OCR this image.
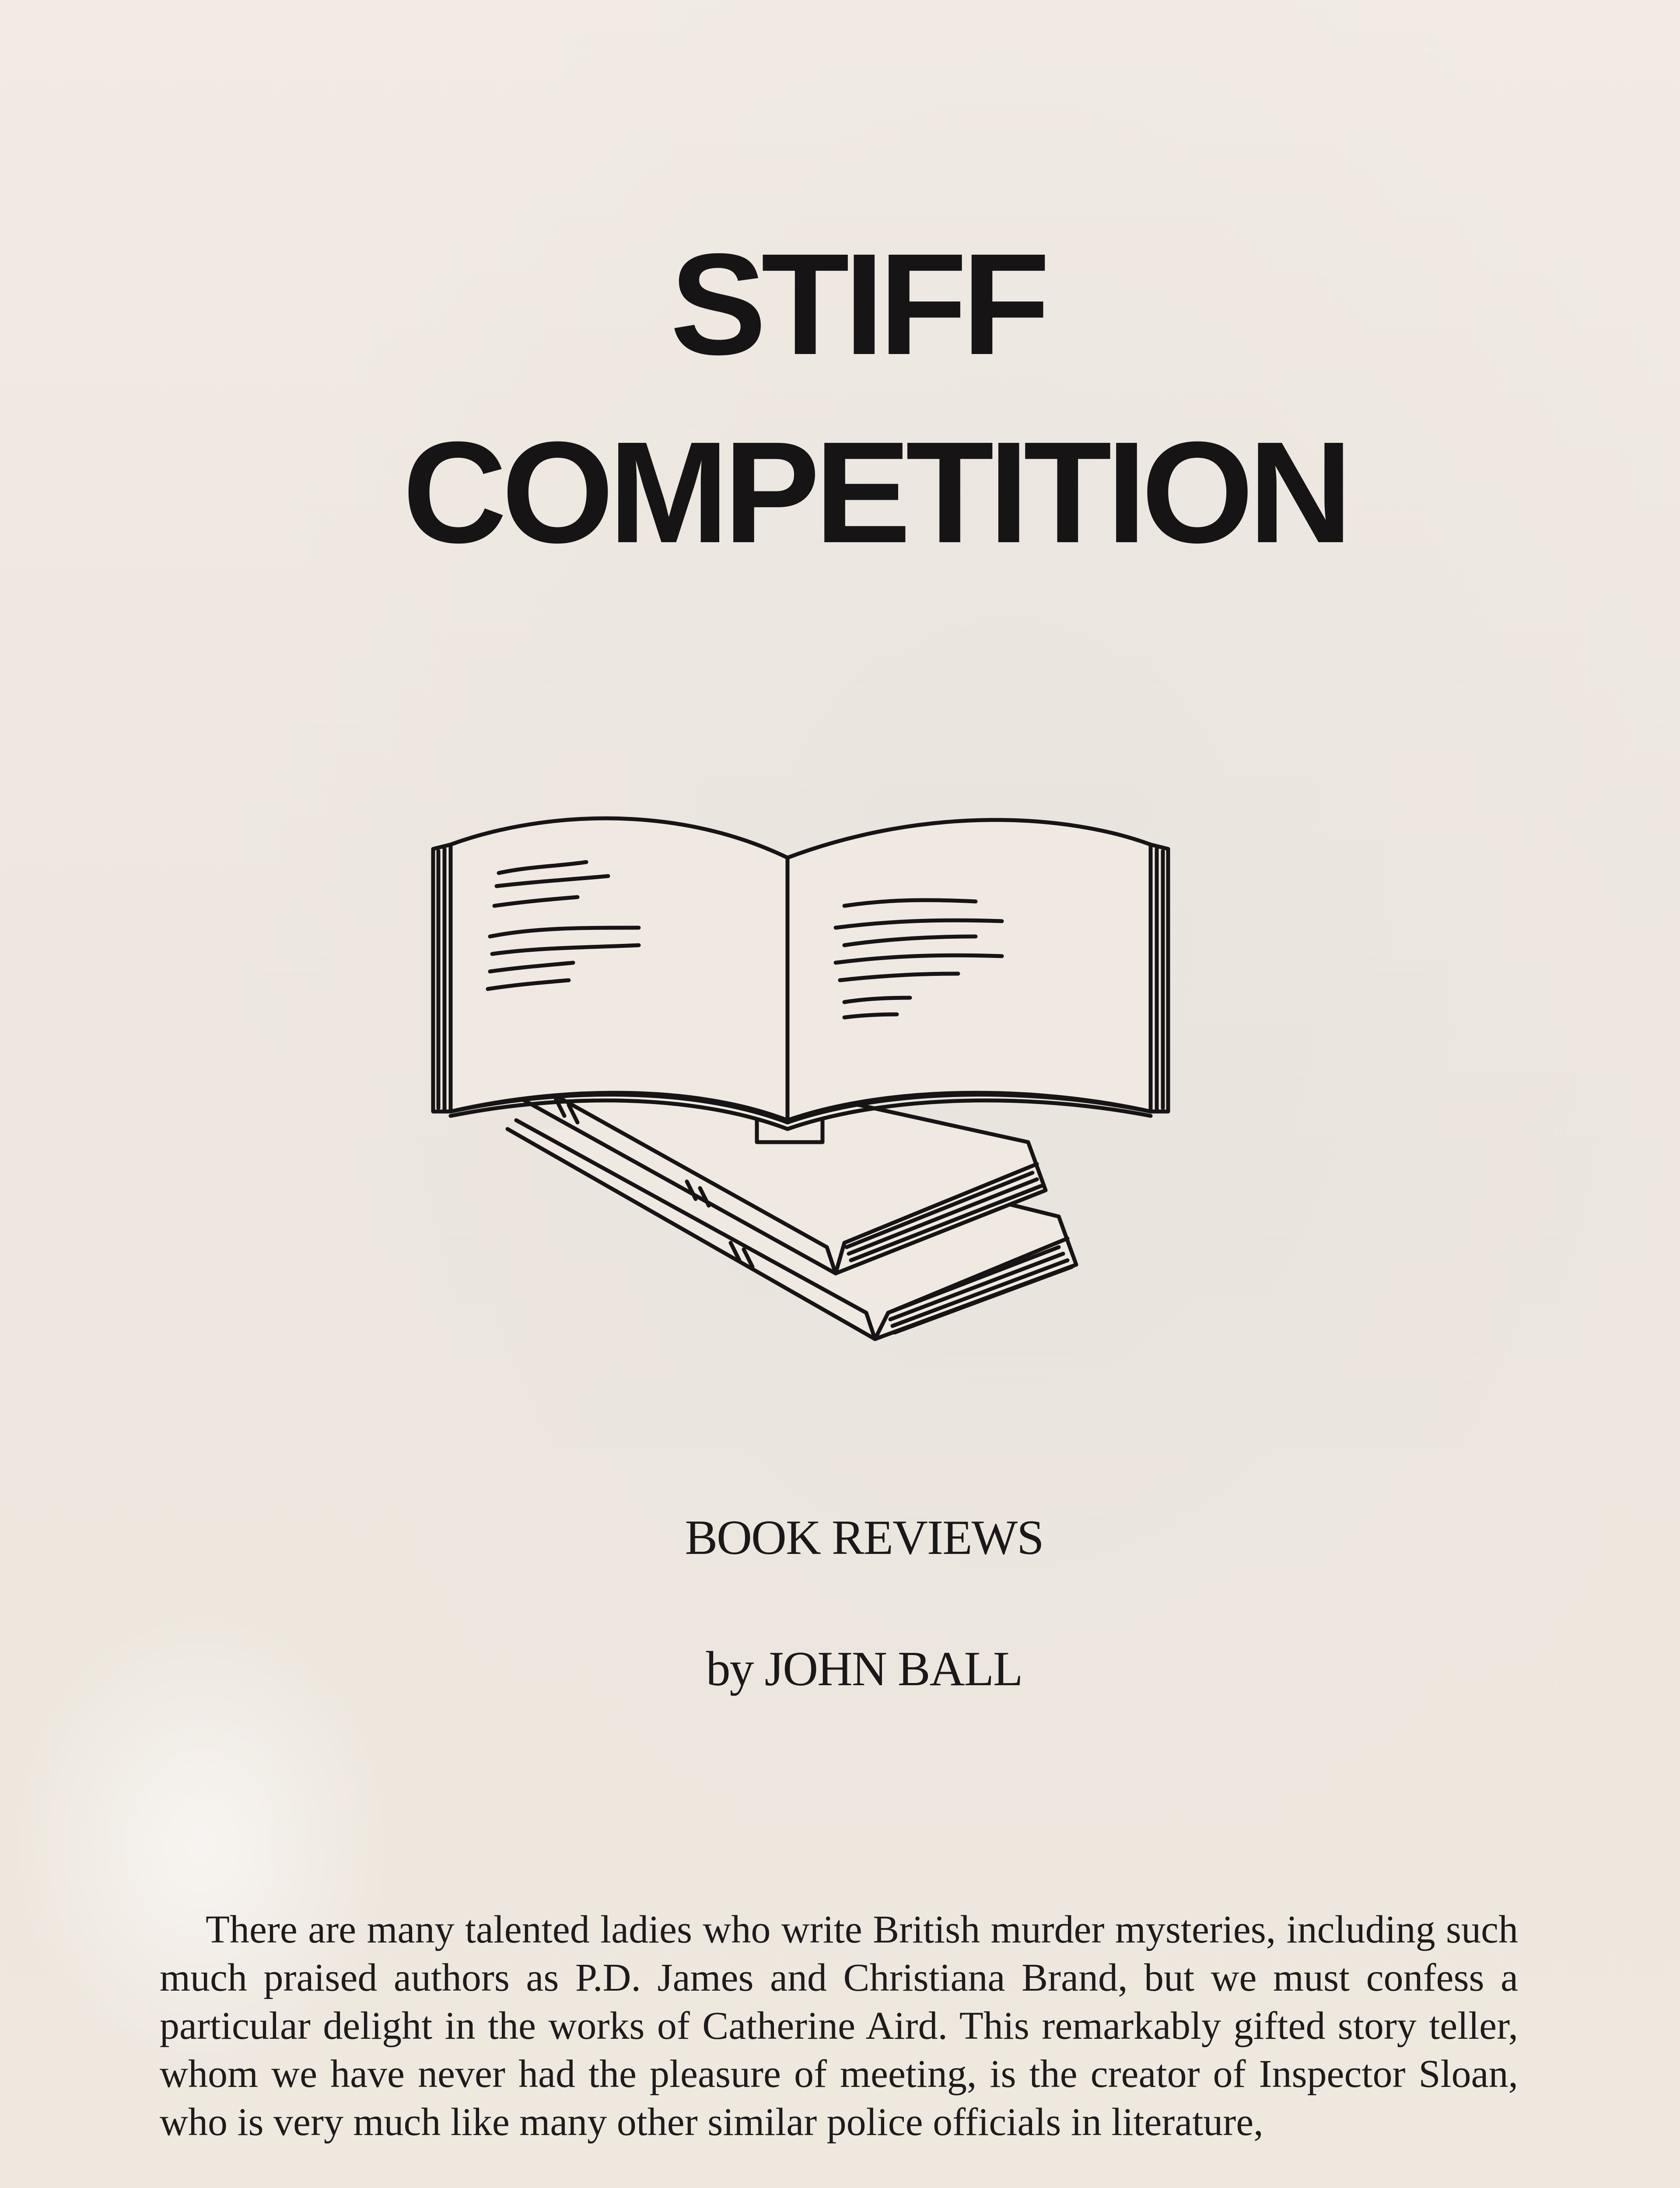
STIFF
COMPETITION

BOOK REVIEWS

by JOHN BALL

There are many talented ladies who write British murder mysteries, including such much praised authors as P.D. James and Christiana Brand, but we must confess a particular delight in the works of Catherine Aird. This remarkably gifted story teller, whom we have never had the pleasure of meeting, is the creator of Inspector Sloan, who is very much like many other similar police officials in literature,
